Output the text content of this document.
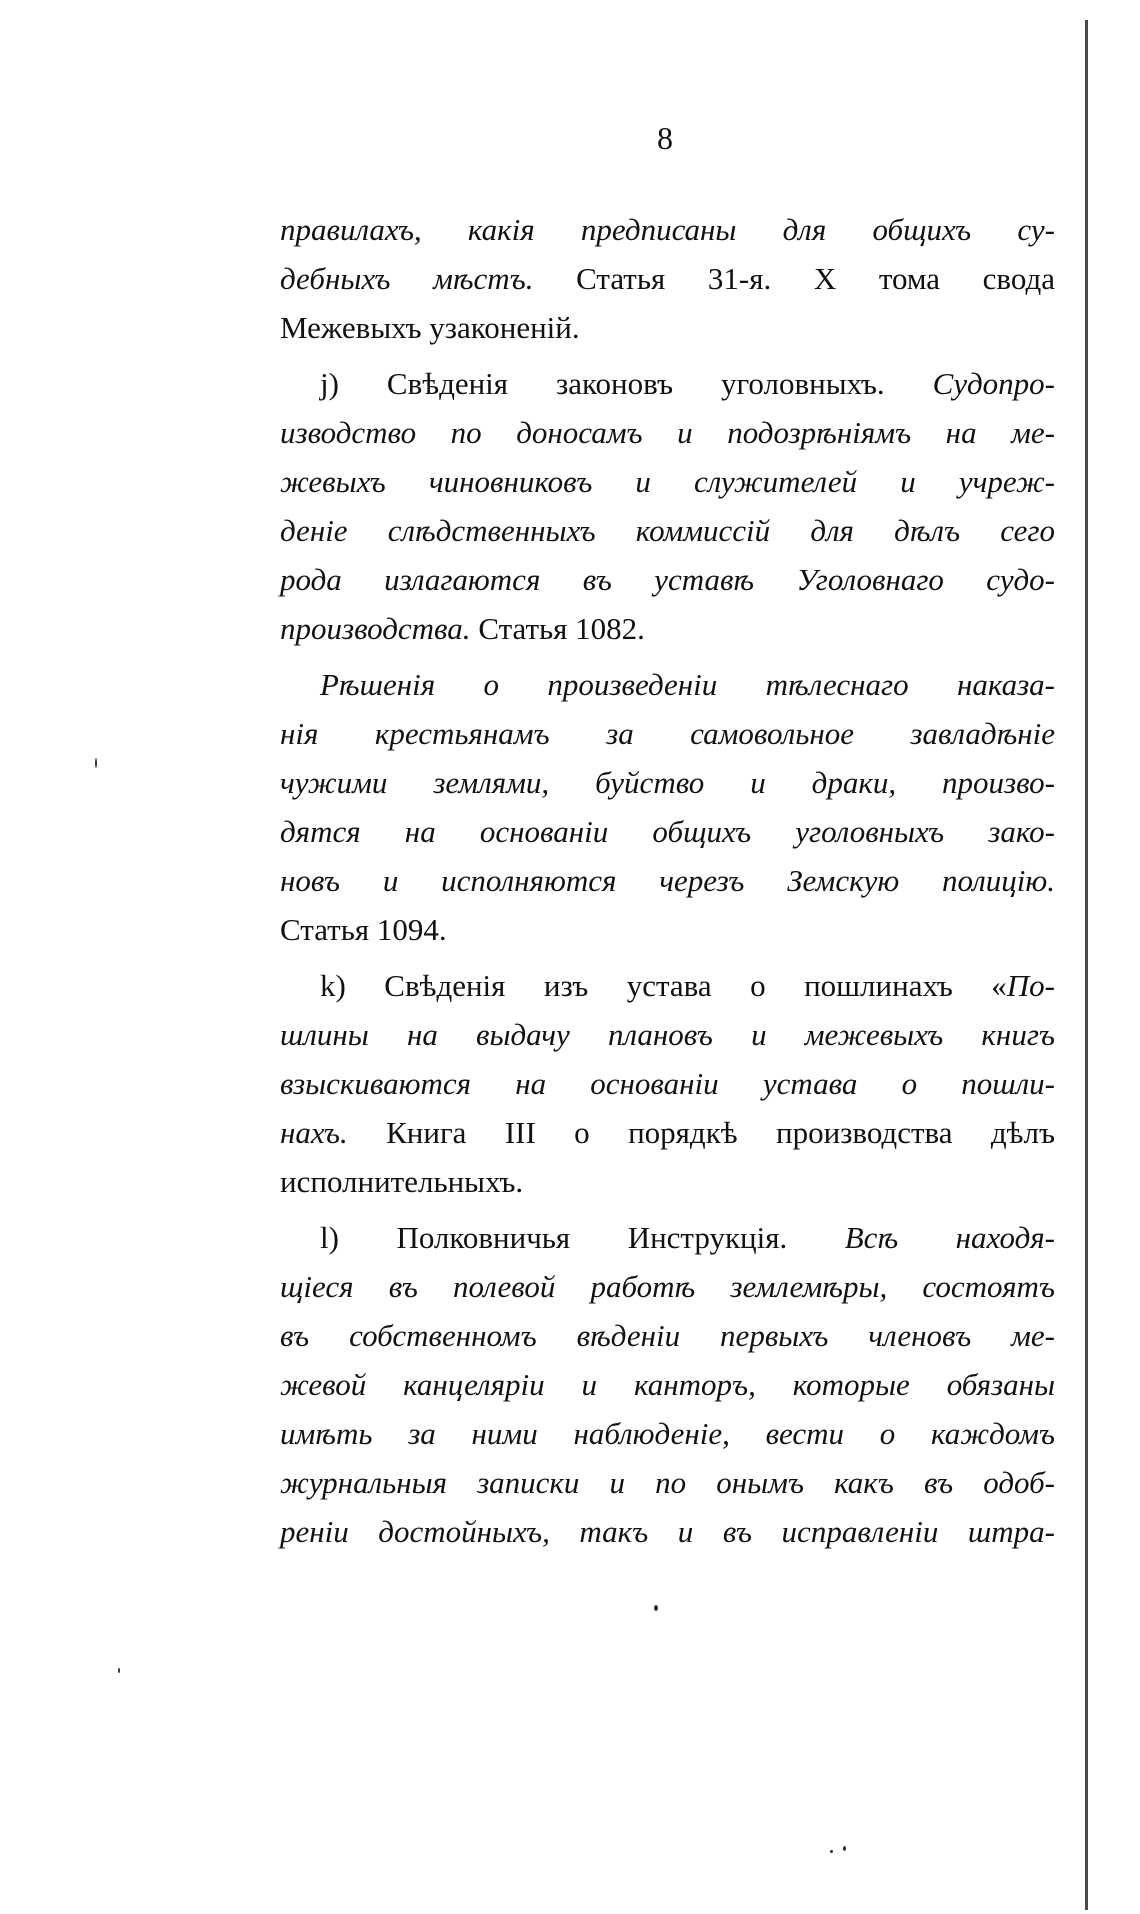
8
правилахъ, какія предписаны для общихъ су-
дебныхъ мѣстъ. Статья 31-я. X тома свода
Межевыхъ узаконеній.
j) Свѣденія законовъ уголовныхъ. Судопро-
изводство по доносамъ и подозрѣніямъ на ме-
жевыхъ чиновниковъ и служителей и учреж-
деніе слѣдственныхъ коммиссій для дѣлъ сего
рода излагаются въ уставѣ Уголовнаго судо-
производства. Статья 1082.
Рѣшенія о произведеніи тѣлеснаго наказа-
нія крестьянамъ за самовольное завладѣніе
чужими землями, буйство и драки, произво-
дятся на основаніи общихъ уголовныхъ зако-
новъ и исполняются черезъ Земскую полицію.
Статья 1094.
k) Свѣденія изъ устава о пошлинахъ «По-
шлины на выдачу плановъ и межевыхъ книгъ
взыскиваются на основаніи устава о пошли-
нахъ. Книга III о порядкѣ производства дѣлъ
исполнительныхъ.
l) Полковничья Инструкція. Всѣ находя-
щіеся въ полевой работѣ землемѣры, состоятъ
въ собственномъ вѣденіи первыхъ членовъ ме-
жевой канцеляріи и канторъ, которые обязаны
имѣть за ними наблюденіе, вести о каждомъ
журнальныя записки и по онымъ какъ въ одоб-
реніи достойныхъ, такъ и въ исправленіи штра-
